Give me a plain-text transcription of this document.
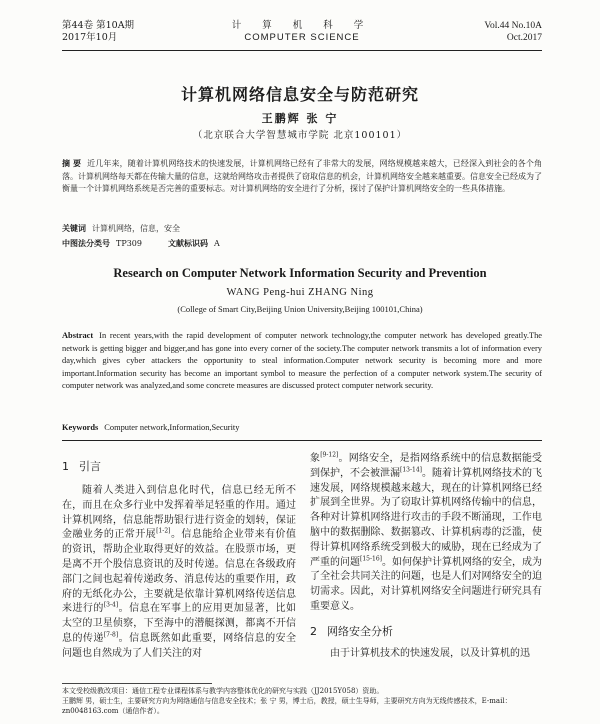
第44卷 第10A期
2017年10月
计 算 机 科 学
COMPUTER SCIENCE
Vol.44 No.10A
Oct.2017
计算机网络信息安全与防范研究
王鹏辉 张 宁
（北京联合大学智慧城市学院 北京100101）
摘 要 近几年来，随着计算机网络技术的快速发展，计算机网络已经有了非常大的发展，网络规模越来越大，已经深入到社会的各个角落。计算机网络每天都在传输大量的信息，这就给网络攻击者提供了窃取信息的机会，计算机网络安全越来越重要。信息安全已经成为了衡量一个计算机网络系统是否完善的重要标志。对计算机网络的安全进行了分析，探讨了保护计算机网络安全的一些具体措施。
关键词 计算机网络，信息，安全
中图法分类号 TP309	文献标识码 A
Research on Computer Network Information Security and Prevention
WANG Peng-hui ZHANG Ning
(College of Smart City,Beijing Union University,Beijing 100101,China)
Abstract In recent years,with the rapid development of computer network technology,the computer network has developed greatly.The network is getting bigger and bigger,and has gone into every corner of the society.The computer network transmits a lot of information every day,which gives cyber attackers the opportunity to steal information.Computer network security is becoming more and more important.Information security has become an important symbol to measure the perfection of a computer network system.The security of computer network was analyzed,and some concrete measures are discussed protect computer network security.
Keywords Computer network,Information,Security
1 引言

随着人类进入到信息化时代，信息已经无所不在，而且在众多行业中发挥着举足轻重的作用。通过计算机网络，信息能帮助银行进行资金的划转，保证金融业务的正常开展[1-2]。信息能给企业带来有价值的资讯，帮助企业取得更好的效益。在股票市场，更是离不开个股信息资讯的及时传递。信息在各级政府部门之间也起着传递政务、消息传达的重要作用，政府的无纸化办公，主要就是依靠计算机网络传送信息来进行的[3-4]。信息在军事上的应用更加显著，比如太空的卫星侦察，下至海中的潜艇探测，都离不开信息的传递[7-8]。信息既然如此重要，网络信息的安全问题也自然成为了人们关注的对

象[9-12]。网络安全，是指网络系统中的信息数据能受到保护，不会被泄漏[13-14]。随着计算机网络技术的飞速发展，网络规模越来越大，现在的计算机网络已经扩展到全世界。为了窃取计算机网络传输中的信息，各种对计算机网络进行攻击的手段不断涌现，工作电脑中的数据删除、数据篡改、计算机病毒的泛滥，使得计算机网络系统受到极大的威胁，现在已经成为了严重的问题[15-16]。如何保护计算机网络的安全，成为了全社会共同关注的问题，也是人们对网络安全的迫切需求。因此，对计算机网络安全问题进行研究具有重要意义。

2 网络安全分析

由于计算机技术的快速发展，以及计算机的迅

本文受校级教改项目：通信工程专业课程体系与教学内容整体优化的研究与实践（JJ2015Y058）资助。
王鹏辉 男，硕士生，主要研究方向为网络通信与信息安全技术；张 宁 男，博士后，教授，硕士生导师，主要研究方向为无线传感技术，E-mail：zn0048163.com（通信作者）。
